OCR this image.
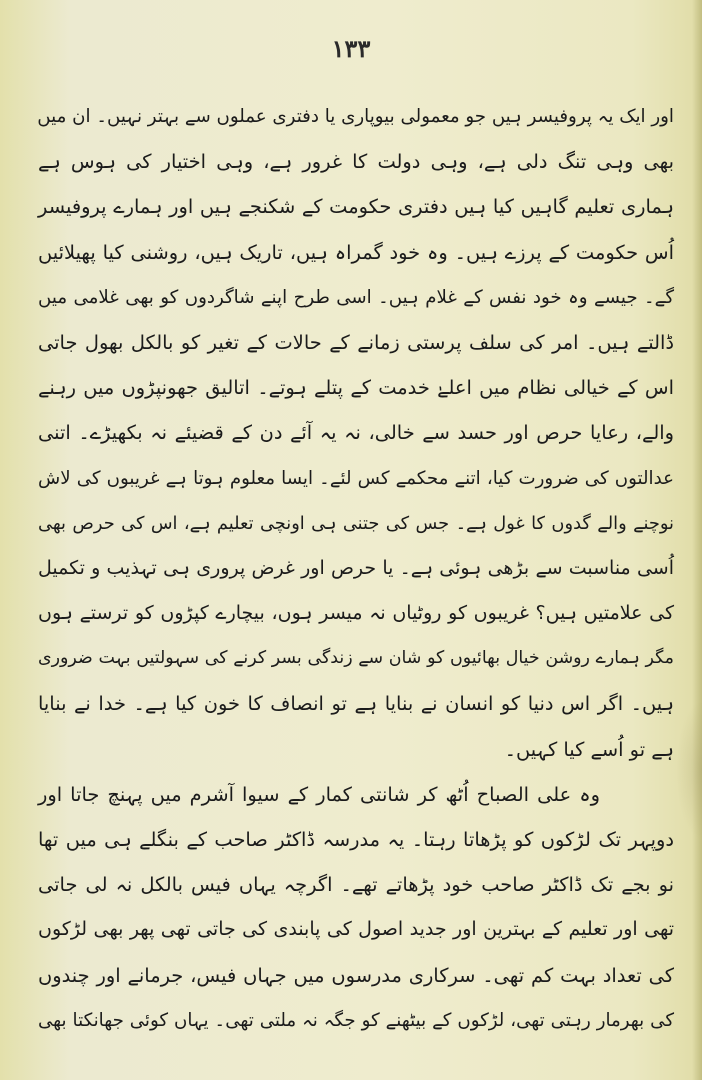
۱۳۳
اور ایک یہ پروفیسر ہیں جو معمولی بیوپاری یا دفتری عملوں سے بہتر نہیں۔ ان میں
بھی وہی تنگ دلی ہے، وہی دولت کا غرور ہے، وہی اختیار کی ہوس ہے
ہماری تعلیم گاہیں کیا ہیں دفتری حکومت کے شکنجے ہیں اور ہمارے پروفیسر
اُس حکومت کے پرزے ہیں۔ وہ خود گمراہ ہیں، تاریک ہیں، روشنی کیا پھیلائیں
گے۔ جیسے وہ خود نفس کے غلام ہیں۔ اسی طرح اپنے شاگردوں کو بھی غلامی میں
ڈالتے ہیں۔ امر کی سلف پرستی زمانے کے حالات کے تغیر کو بالکل بھول جاتی
اس کے خیالی نظام میں اعلےٰ خدمت کے پتلے ہوتے۔ اتالیق جھونپڑوں میں رہنے
والے، رعایا حرص اور حسد سے خالی، نہ یہ آئے دن کے قضیئے نہ بکھیڑے۔ اتنی
عدالتوں کی ضرورت کیا، اتنے محکمے کس لئے۔ ایسا معلوم ہوتا ہے غریبوں کی لاش
نوچنے والے گدوں کا غول ہے۔ جس کی جتنی ہی اونچی تعلیم ہے، اس کی حرص بھی
اُسی مناسبت سے بڑھی ہوئی ہے۔ یا حرص اور غرض پروری ہی تہذیب و تکمیل
کی علامتیں ہیں؟ غریبوں کو روٹیاں نہ میسر ہوں، بیچارے کپڑوں کو ترستے ہوں
مگر ہمارے روشن خیال بھائیوں کو شان سے زندگی بسر کرنے کی سہولتیں بہت ضروری
ہیں۔ اگر اس دنیا کو انسان نے بنایا ہے تو انصاف کا خون کیا ہے۔ خدا نے بنایا
ہے تو اُسے کیا کہیں۔
وہ علی الصباح اُٹھ کر شانتی کمار کے سیوا آشرم میں پہنچ جاتا اور
دوپہر تک لڑکوں کو پڑھاتا رہتا۔ یہ مدرسہ ڈاکٹر صاحب کے بنگلے ہی میں تھا
نو بجے تک ڈاکٹر صاحب خود پڑھاتے تھے۔ اگرچہ یہاں فیس بالکل نہ لی جاتی
تھی اور تعلیم کے بہترین اور جدید اصول کی پابندی کی جاتی تھی پھر بھی لڑکوں
کی تعداد بہت کم تھی۔ سرکاری مدرسوں میں جہاں فیس، جرمانے اور چندوں
کی بھرمار رہتی تھی، لڑکوں کے بیٹھنے کو جگہ نہ ملتی تھی۔ یہاں کوئی جھانکتا بھی
